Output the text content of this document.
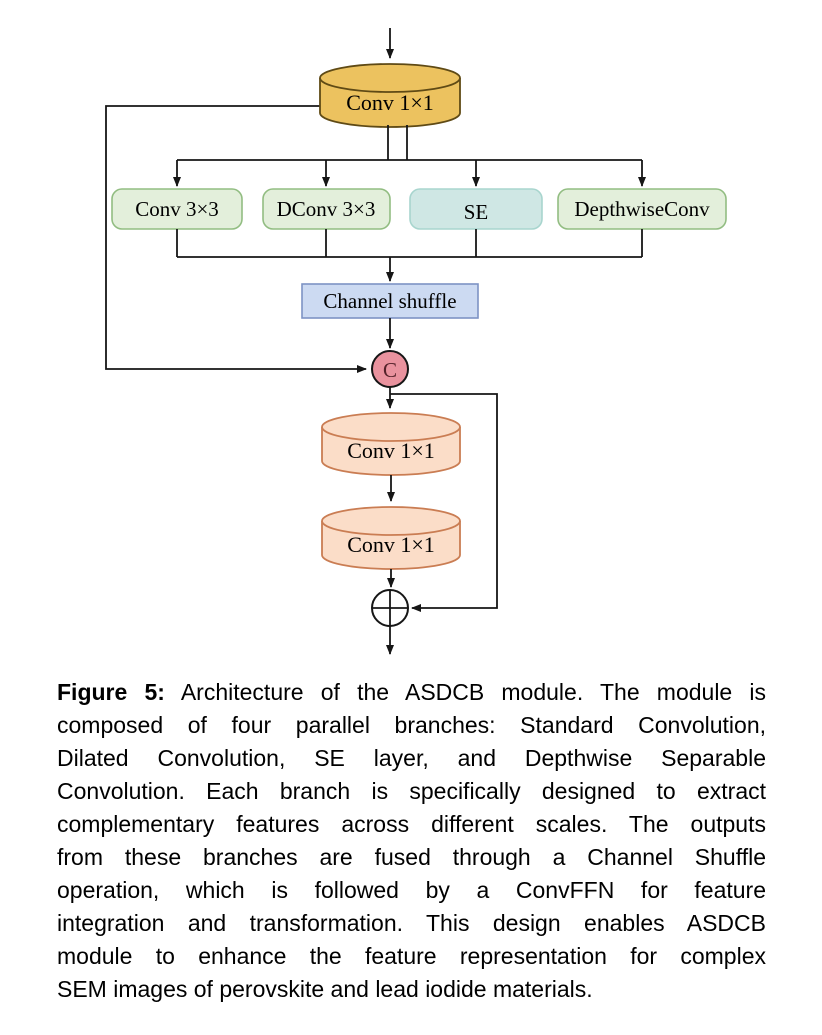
Conv 1×1
Conv 3×3	DConv 3×3	SE	DepthwiseConv
Channel shuffle
C
Conv 1×1
Conv 1×1
Figure 5: Architecture of the ASDCB module. The module is
composed of four parallel branches: Standard Convolution,
Dilated Convolution, SE layer, and Depthwise Separable
Convolution. Each branch is specifically designed to extract
complementary features across different scales. The outputs
from these branches are fused through a Channel Shuffle
operation, which is followed by a ConvFFN for feature
integration and transformation. This design enables ASDCB
module to enhance the feature representation for complex
SEM images of perovskite and lead iodide materials.
